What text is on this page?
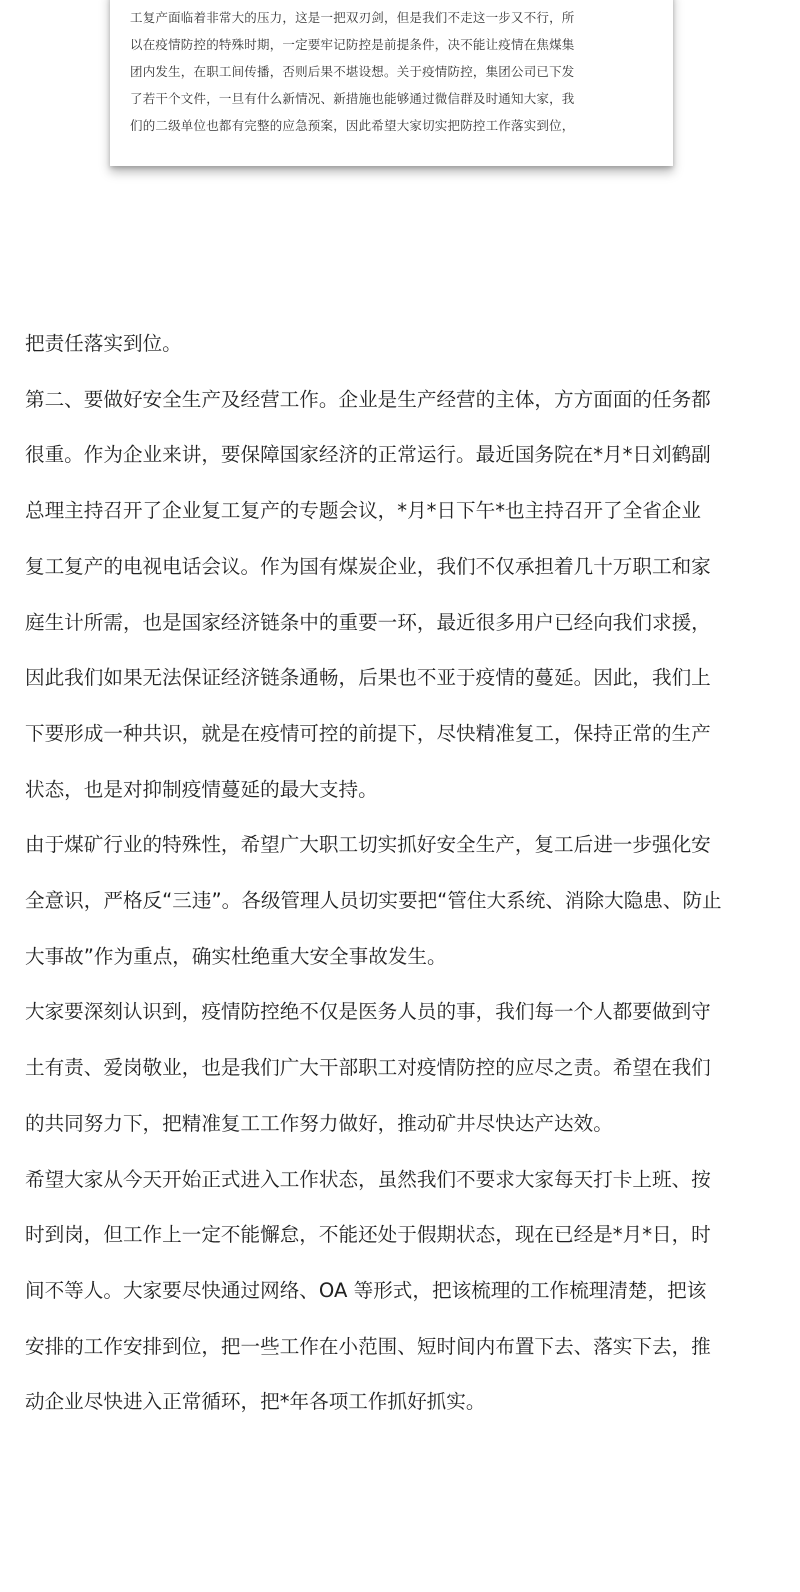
工复产面临着非常大的压力，这是一把双刃剑，但是我们不走这一步又不行，所
以在疫情防控的特殊时期，一定要牢记防控是前提条件，决不能让疫情在焦煤集
团内发生，在职工间传播，否则后果不堪设想。关于疫情防控，集团公司已下发
了若干个文件，一旦有什么新情况、新措施也能够通过微信群及时通知大家，我
们的二级单位也都有完整的应急预案，因此希望大家切实把防控工作落实到位，

把责任落实到位。

第二、要做好安全生产及经营工作。企业是生产经营的主体，方方面面的任务都
很重。作为企业来讲，要保障国家经济的正常运行。最近国务院在*月*日刘鹤副
总理主持召开了企业复工复产的专题会议，*月*日下午*也主持召开了全省企业
复工复产的电视电话会议。作为国有煤炭企业，我们不仅承担着几十万职工和家
庭生计所需，也是国家经济链条中的重要一环，最近很多用户已经向我们求援，
因此我们如果无法保证经济链条通畅，后果也不亚于疫情的蔓延。因此，我们上
下要形成一种共识，就是在疫情可控的前提下，尽快精准复工，保持正常的生产
状态，也是对抑制疫情蔓延的最大支持。

由于煤矿行业的特殊性，希望广大职工切实抓好安全生产，复工后进一步强化安
全意识，严格反“三违”。各级管理人员切实要把“管住大系统、消除大隐患、防止
大事故”作为重点，确实杜绝重大安全事故发生。

大家要深刻认识到，疫情防控绝不仅是医务人员的事，我们每一个人都要做到守
土有责、爱岗敬业，也是我们广大干部职工对疫情防控的应尽之责。希望在我们
的共同努力下，把精准复工工作努力做好，推动矿井尽快达产达效。

希望大家从今天开始正式进入工作状态，虽然我们不要求大家每天打卡上班、按
时到岗，但工作上一定不能懈怠，不能还处于假期状态，现在已经是*月*日，时
间不等人。大家要尽快通过网络、OA 等形式，把该梳理的工作梳理清楚，把该
安排的工作安排到位，把一些工作在小范围、短时间内布置下去、落实下去，推
动企业尽快进入正常循环，把*年各项工作抓好抓实。
